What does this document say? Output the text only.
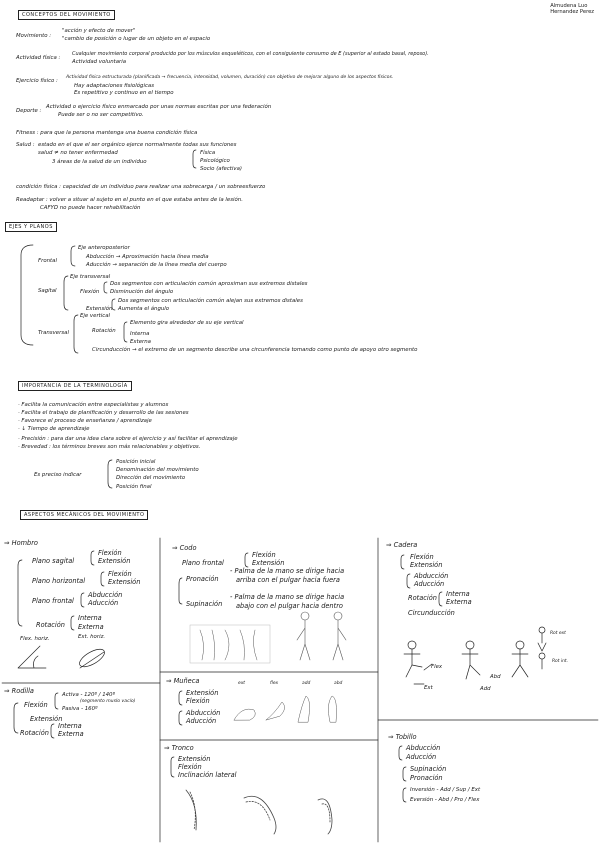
Almudena Luo
Hernandez Perez
CONCEPTOS DEL MOVIMIENTO
Movimiento :
"acción y efecto de mover"
"cambio de posición o lugar de un objeto en el espacio
Actividad física :
Cualquier movimiento corporal producido por los músculos esqueléticos, con el consiguiente consumo de E (superior al estado basal, reposo).
Actividad voluntaria
Ejercicio físico :
Actividad física estructurada (planificada → frecuencia, intensidad, volumen, duración) con objetivo de mejorar alguno de los aspectos físicos.
Hay adaptaciones fisiológicas
Es repetitivo y continuo en el tiempo
Deporte :
Actividad o ejercicio físico enmarcado por unas normas escritas por una federación
Puede ser o no ser competitivo.
Fitness : para que la persona mantenga una buena condición física
Salud : estado en el que el ser orgánico ejerce normalmente todas sus funciones
salud ≠ no tener enfermedad
3 áreas de la salud de un individuo
Física
Psicológico
Socio (afectiva)
condición física : capacidad de un individuo para realizar una sobrecarga / un sobreesfuerzo
Readaptar : volver a situar al sujeto en el punto en el que estaba antes de la lesión.
CAFYD no puede hacer rehabilitación
EJES Y PLANOS
Frontal
Eje anteroposterior
Abducción → Aproximación hacia línea media
Aducción → separación de la línea media del cuerpo
Sagital
Eje transversal
Flexión
Dos segmentos con articulación común aproximan sus extremos distales
Disminución del ángulo
Extensión
Dos segmentos con articulación común alejan sus extremos distales
Aumenta el ángulo
Transversal
Eje vertical
Rotación
Elemento gira alrededor de su eje vertical
Interna
Externa
Circunducción → el extremo de un segmento describe una circunferencia tomando como punto de apoyo otro segmento
IMPORTANCIA DE LA TERMINOLOGÍA
· Facilita la comunicación entre especialistas y alumnos
· Facilita el trabajo de planificación y desarrollo de las sesiones
· Favorece el proceso de enseñanza / aprendizaje
· ↓ Tiempo de aprendizaje
· Precisión : para dar una idea clara sobre el ejercicio y así facilitar el aprendizaje
· Brevedad : los términos breves son más relacionables y objetivos.
Es preciso indicar
Posición inicial
Denominación del movimiento
Dirección del movimiento
Posición final
ASPECTOS MECÁNICOS DEL MOVIMIENTO
⇒ Hombro
Plano sagital
Flexión
Extensión
Plano horizontal
Flexión
Extensión
Plano frontal
Abducción
Aducción
Rotación
Interna
Externa
Flex. horiz.	Ext. horiz.
⇒ Rodilla
Flexión
Activa - 120º / 140º
(segmento muslo vacío)
Pasiva - 160º
Extensión
Rotación
Interna
Externa
⇒ Codo
Plano frontal
Flexión
Extensión
Pronación
- Palma de la mano se dirige hacia
arriba con el pulgar hacia fuera
Supinación
- Palma de la mano se dirige hacia
abajo con el pulgar hacia dentro
⇒ Muñeca
Extensión
Flexión
Abducción
Aducción
ext	flex	add	abd
⇒ Tronco
Extensión
Flexión
Inclinación lateral
⇒ Cadera
Flexión
Extensión
Abducción
Aducción
Rotación Interna
Externa
Circunducción
Flex
Ext
Abd
Add
Rot ext
Rot int.
⇒ Tobillo
Abducción
Aducción
Supinación
Pronación
Inversión - Add / Sup / Ext
Eversión - Abd / Pro / Flex
